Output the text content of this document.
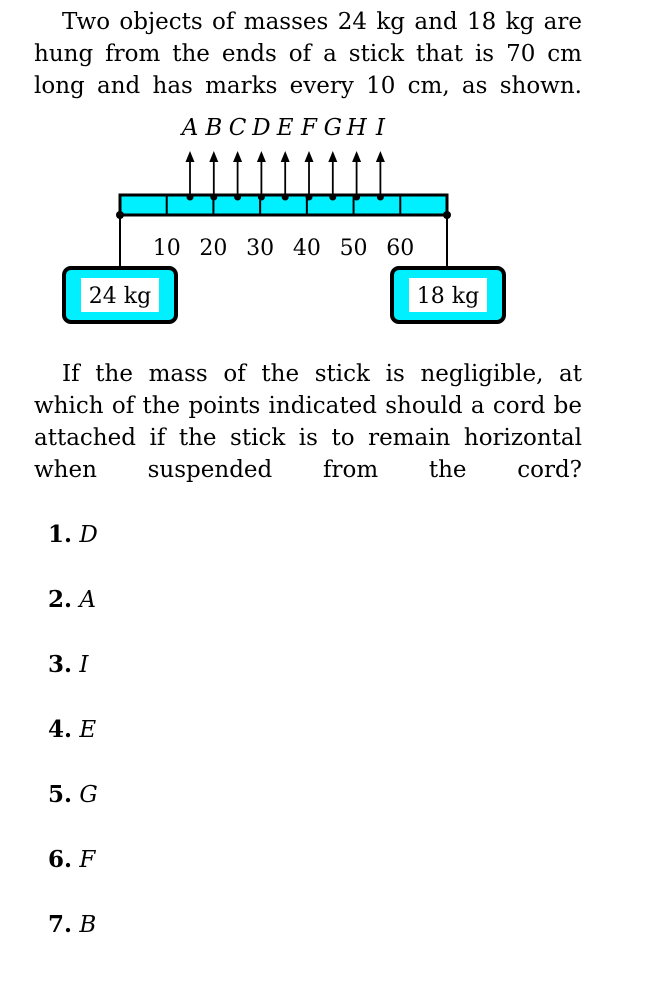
Two objects of masses 24 kg and 18 kg are
hung from the ends of a stick that is 70 cm
long and has marks every 10 cm, as shown.
A B C D E F G H I
10 20 30 40 50 60
24 kg	18 kg
If the mass of the stick is negligible, at
which of the points indicated should a cord be
attached if the stick is to remain horizontal
when suspended from the cord?
1. D
2. A
3. I
4. E
5. G
6. F
7. B
